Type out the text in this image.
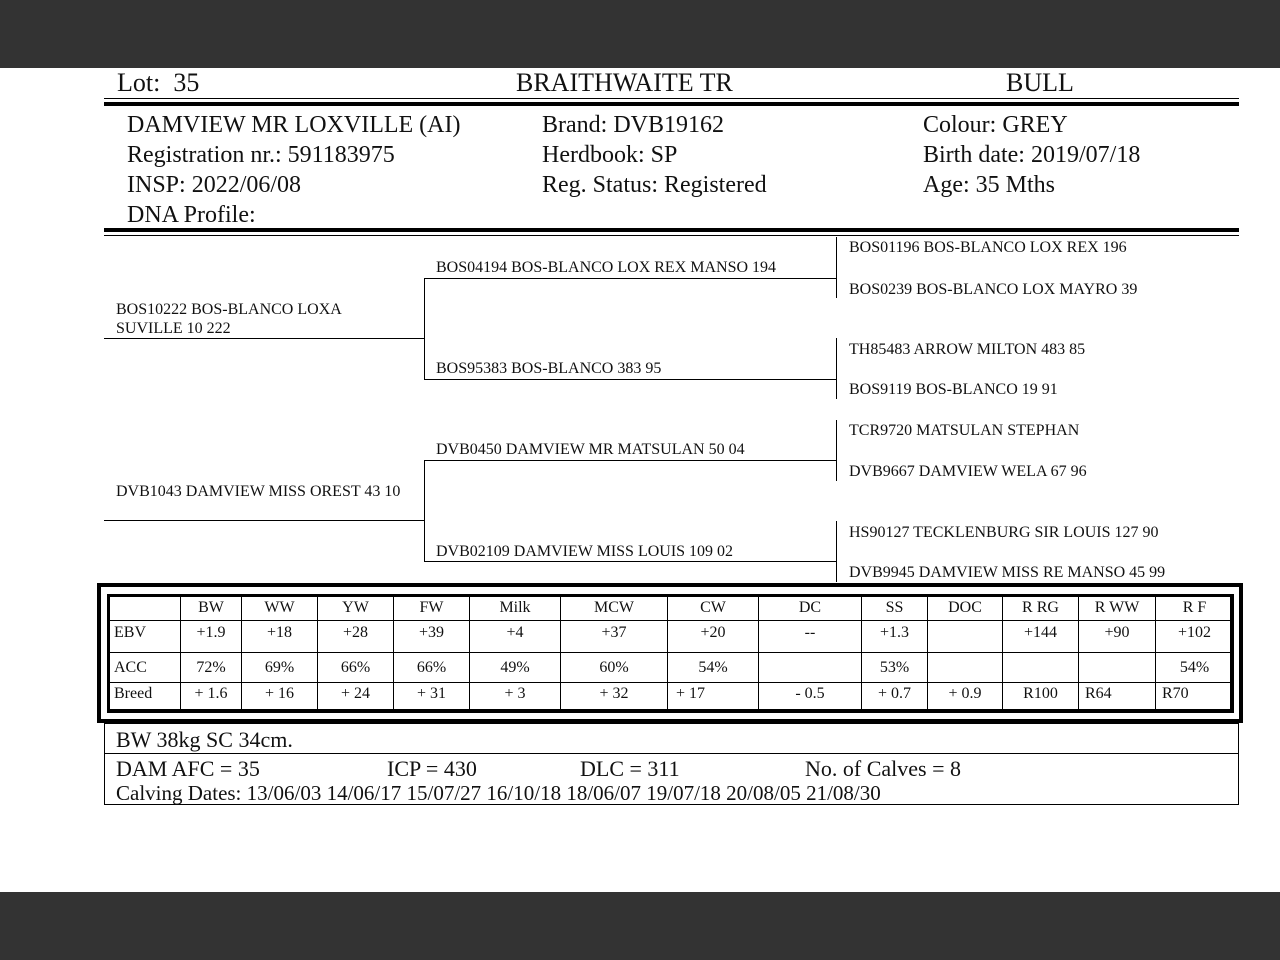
Lot: 35	BRAITHWAITE TR	BULL
DAMVIEW MR LOXVILLE (AI)
Registration nr.: 591183975
INSP: 2022/06/08
DNA Profile:
Brand: DVB19162
Herdbook: SP
Reg. Status: Registered
Colour: GREY
Birth date: 2019/07/18
Age: 35 Mths
BOS10222 BOS-BLANCO LOXA SUVILLE 10 222
DVB1043 DAMVIEW MISS OREST 43 10
BOS04194 BOS-BLANCO LOX REX MANSO 194
BOS95383 BOS-BLANCO 383 95
DVB0450 DAMVIEW MR MATSULAN 50 04
DVB02109 DAMVIEW MISS LOUIS 109 02
BOS01196 BOS-BLANCO LOX REX 196
BOS0239 BOS-BLANCO LOX MAYRO 39
TH85483 ARROW MILTON 483 85
BOS9119 BOS-BLANCO 19 91
TCR9720 MATSULAN STEPHAN
DVB9667 DAMVIEW WELA 67 96
HS90127 TECKLENBURG SIR LOUIS 127 90
DVB9945 DAMVIEW MISS RE MANSO 45 99
	BW	WW	YW	FW	Milk	MCW	CW	DC	SS	DOC	R RG	R WW	R F
EBV	+1.9	+18	+28	+39	+4	+37	+20	--	+1.3		+144	+90	+102
ACC	72%	69%	66%	66%	49%	60%	54%		53%				54%
Breed	+ 1.6	+ 16	+ 24	+ 31	+ 3	+ 32	+ 17	- 0.5	+ 0.7	+ 0.9	R100	R64	R70
BW 38kg SC 34cm.
DAM AFC = 35	ICP = 430	DLC = 311	No. of Calves = 8
Calving Dates: 13/06/03 14/06/17 15/07/27 16/10/18 18/06/07 19/07/18 20/08/05 21/08/30
